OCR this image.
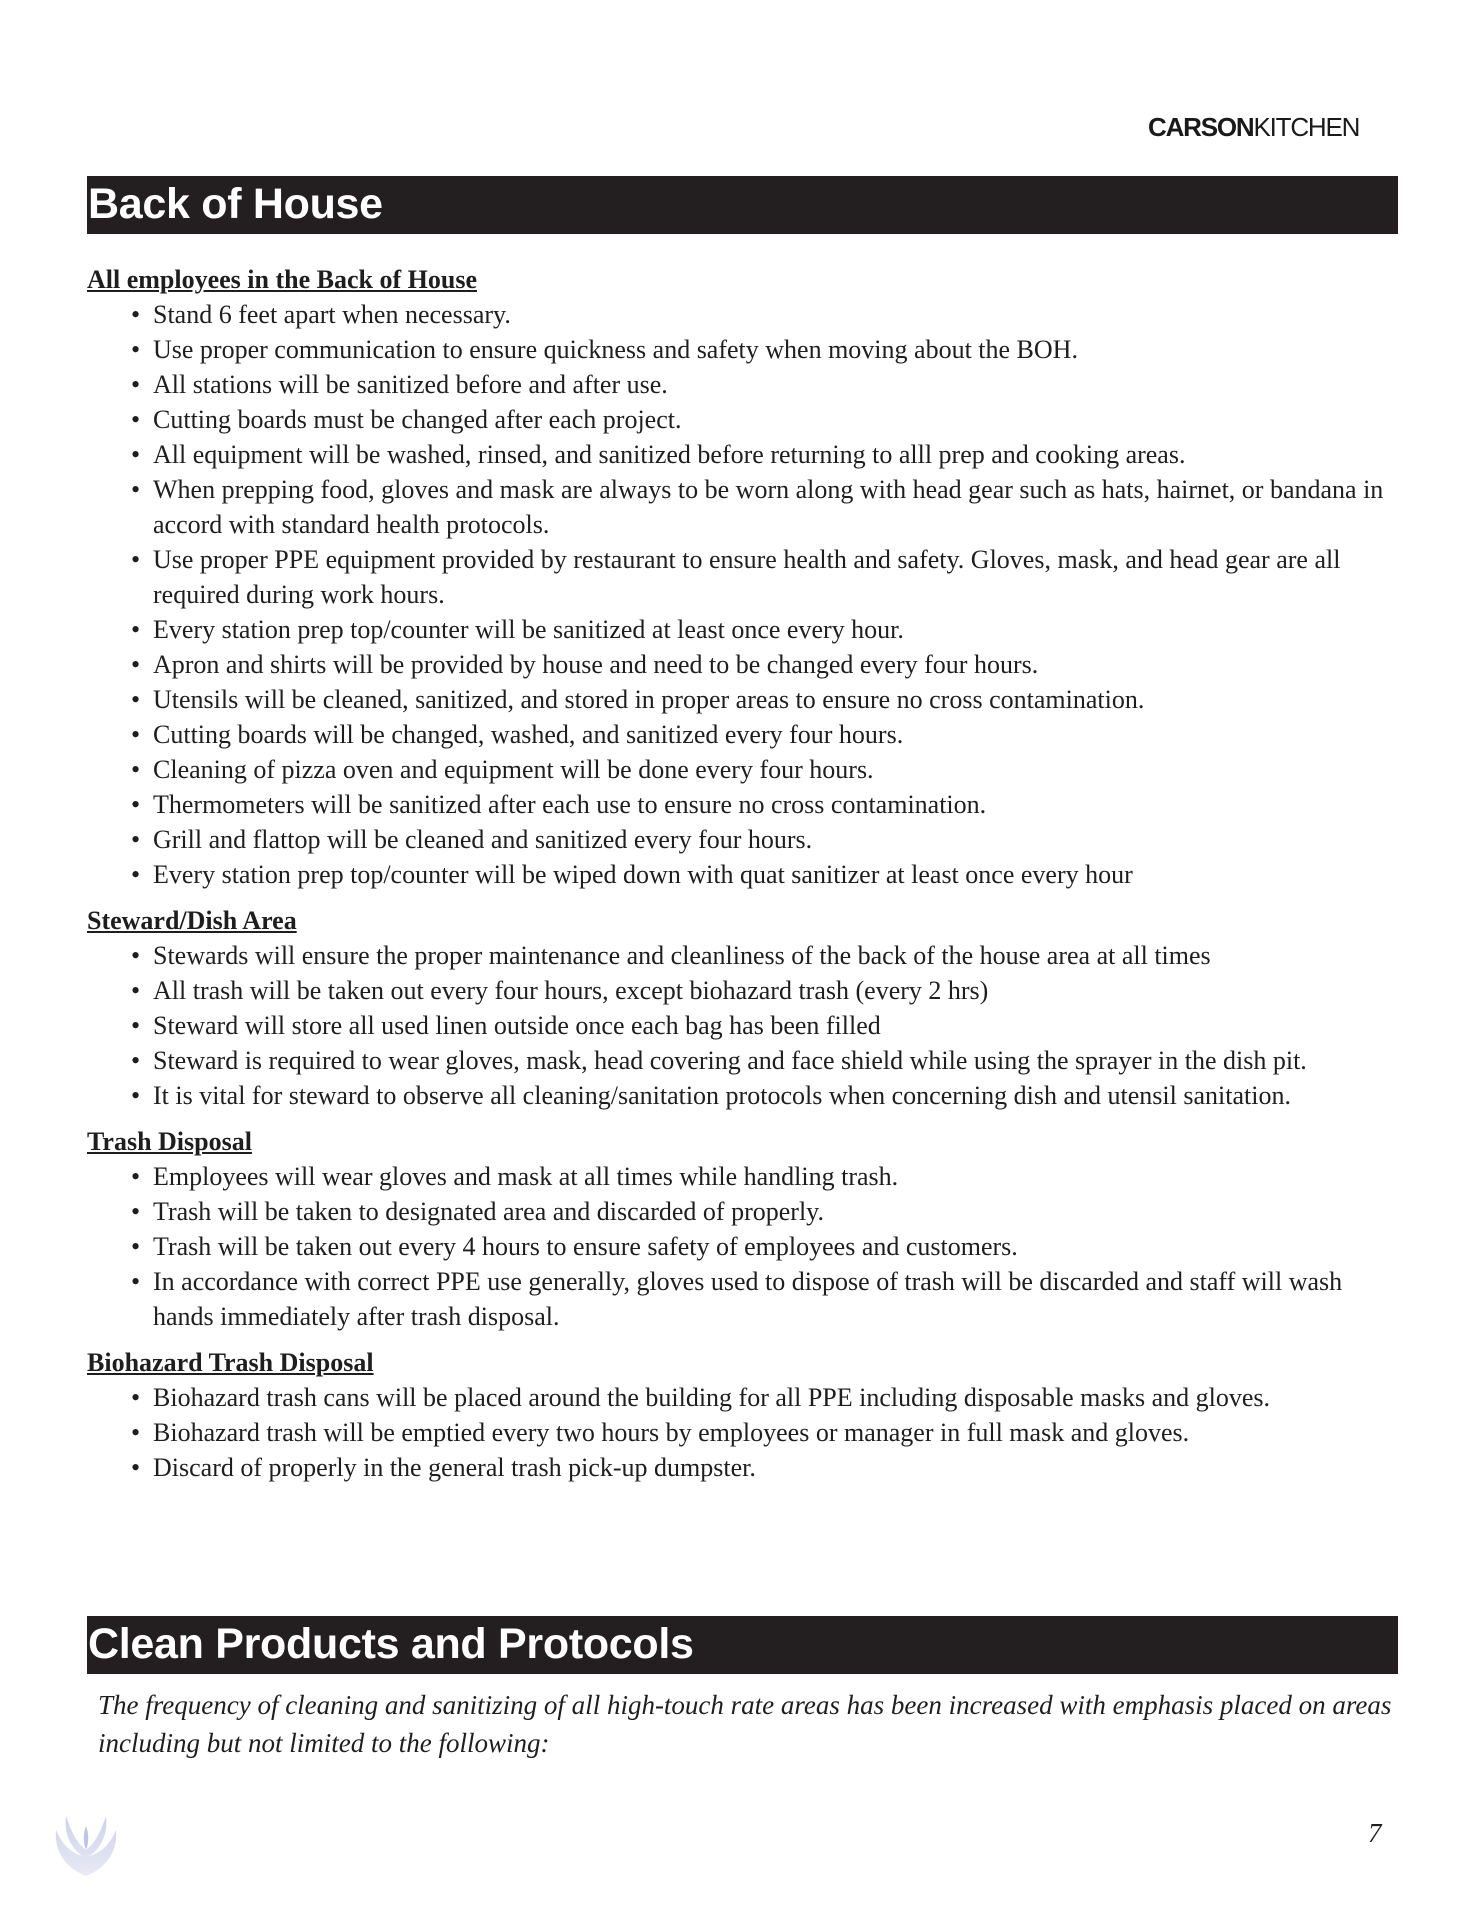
CARSONKITCHEN
Back of House

All employees in the Back of House

• Stand 6 feet apart when necessary.
• Use proper communication to ensure quickness and safety when moving about the BOH.
• All stations will be sanitized before and after use.
• Cutting boards must be changed after each project.
• All equipment will be washed, rinsed, and sanitized before returning to alll prep and cooking areas.
• When prepping food, gloves and mask are always to be worn along with head gear such as hats, hairnet, or bandana in accord with standard health protocols.
• Use proper PPE equipment provided by restaurant to ensure health and safety. Gloves, mask, and head gear are all required during work hours.
• Every station prep top/counter will be sanitized at least once every hour.
• Apron and shirts will be provided by house and need to be changed every four hours.
• Utensils will be cleaned, sanitized, and stored in proper areas to ensure no cross contamination.
• Cutting boards will be changed, washed, and sanitized every four hours.
• Cleaning of pizza oven and equipment will be done every four hours.
• Thermometers will be sanitized after each use to ensure no cross contamination.
• Grill and flattop will be cleaned and sanitized every four hours.
• Every station prep top/counter will be wiped down with quat sanitizer at least once every hour

Steward/Dish Area

• Stewards will ensure the proper maintenance and cleanliness of the back of the house area at all times
• All trash will be taken out every four hours, except biohazard trash (every 2 hrs)
• Steward will store all used linen outside once each bag has been filled
• Steward is required to wear gloves, mask, head covering and face shield while using the sprayer in the dish pit.
• It is vital for steward to observe all cleaning/sanitation protocols when concerning dish and utensil sanitation.

Trash Disposal

• Employees will wear gloves and mask at all times while handling trash.
• Trash will be taken to designated area and discarded of properly.
• Trash will be taken out every 4 hours to ensure safety of employees and customers.
• In accordance with correct PPE use generally, gloves used to dispose of trash will be discarded and staff will wash hands immediately after trash disposal.

Biohazard Trash Disposal

• Biohazard trash cans will be placed around the building for all PPE including disposable masks and gloves.
• Biohazard trash will be emptied every two hours by employees or manager in full mask and gloves.
• Discard of properly in the general trash pick-up dumpster.
Clean Products and Protocols

The frequency of cleaning and sanitizing of all high-touch rate areas has been increased with emphasis placed on areas including but not limited to the following:

7
